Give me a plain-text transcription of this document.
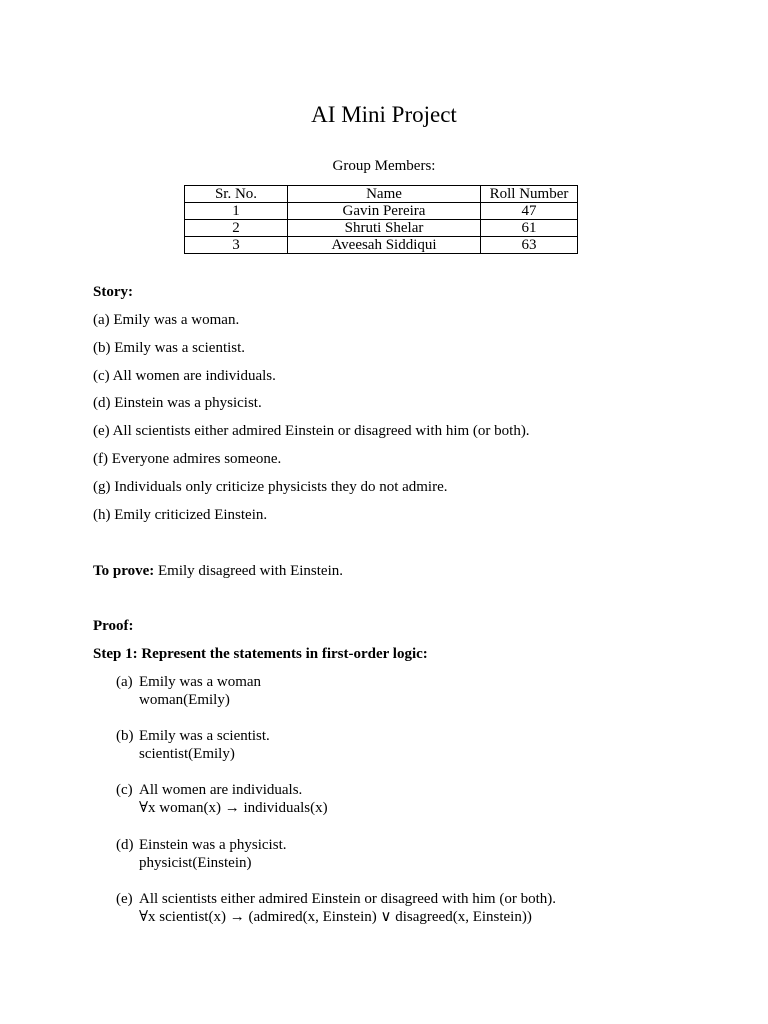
AI Mini Project
Group Members:
Sr. No.	Name	Roll Number
1	Gavin Pereira	47
2	Shruti Shelar	61
3	Aveesah Siddiqui	63
Story:
(a) Emily was a woman.
(b) Emily was a scientist.
(c) All women are individuals.
(d) Einstein was a physicist.
(e) All scientists either admired Einstein or disagreed with him (or both).
(f) Everyone admires someone.
(g) Individuals only criticize physicists they do not admire.
(h) Emily criticized Einstein.
To prove: Emily disagreed with Einstein.
Proof:
Step 1: Represent the statements in first-order logic:
(a) Emily was a woman
woman(Emily)
(b) Emily was a scientist.
scientist(Emily)
(c) All women are individuals.
∀x woman(x) → individuals(x)
(d) Einstein was a physicist.
physicist(Einstein)
(e) All scientists either admired Einstein or disagreed with him (or both).
∀x scientist(x) → (admired(x, Einstein) ∨ disagreed(x, Einstein))
